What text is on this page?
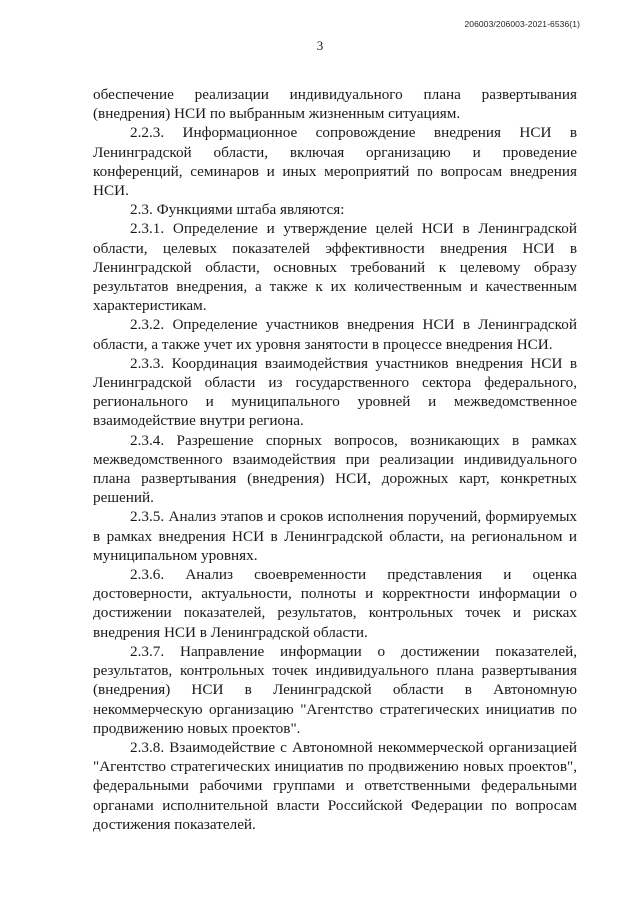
206003/206003-2021-6536(1)
3

обеспечение реализации индивидуального плана развертывания (внедрения) НСИ по выбранным жизненным ситуациям.

2.2.3. Информационное сопровождение внедрения НСИ в Ленинградской области, включая организацию и проведение конференций, семинаров и иных мероприятий по вопросам внедрения НСИ.

2.3. Функциями штаба являются:

2.3.1. Определение и утверждение целей НСИ в Ленинградской области, целевых показателей эффективности внедрения НСИ в Ленинградской области, основных требований к целевому образу результатов внедрения, а также к их количественным и качественным характеристикам.

2.3.2. Определение участников внедрения НСИ в Ленинградской области, а также учет их уровня занятости в процессе внедрения НСИ.

2.3.3. Координация взаимодействия участников внедрения НСИ в Ленинградской области из государственного сектора федерального, регионального и муниципального уровней и межведомственное взаимодействие внутри региона.

2.3.4. Разрешение спорных вопросов, возникающих в рамках межведомственного взаимодействия при реализации индивидуального плана развертывания (внедрения) НСИ, дорожных карт, конкретных решений.

2.3.5. Анализ этапов и сроков исполнения поручений, формируемых в рамках внедрения НСИ в Ленинградской области, на региональном и муниципальном уровнях.

2.3.6. Анализ своевременности представления и оценка достоверности, актуальности, полноты и корректности информации о достижении показателей, результатов, контрольных точек и рисках внедрения НСИ в Ленинградской области.

2.3.7. Направление информации о достижении показателей, результатов, контрольных точек индивидуального плана развертывания (внедрения) НСИ в Ленинградской области в Автономную некоммерческую организацию "Агентство стратегических инициатив по продвижению новых проектов".

2.3.8. Взаимодействие с Автономной некоммерческой организацией "Агентство стратегических инициатив по продвижению новых проектов", федеральными рабочими группами и ответственными федеральными органами исполнительной власти Российской Федерации по вопросам достижения показателей.
